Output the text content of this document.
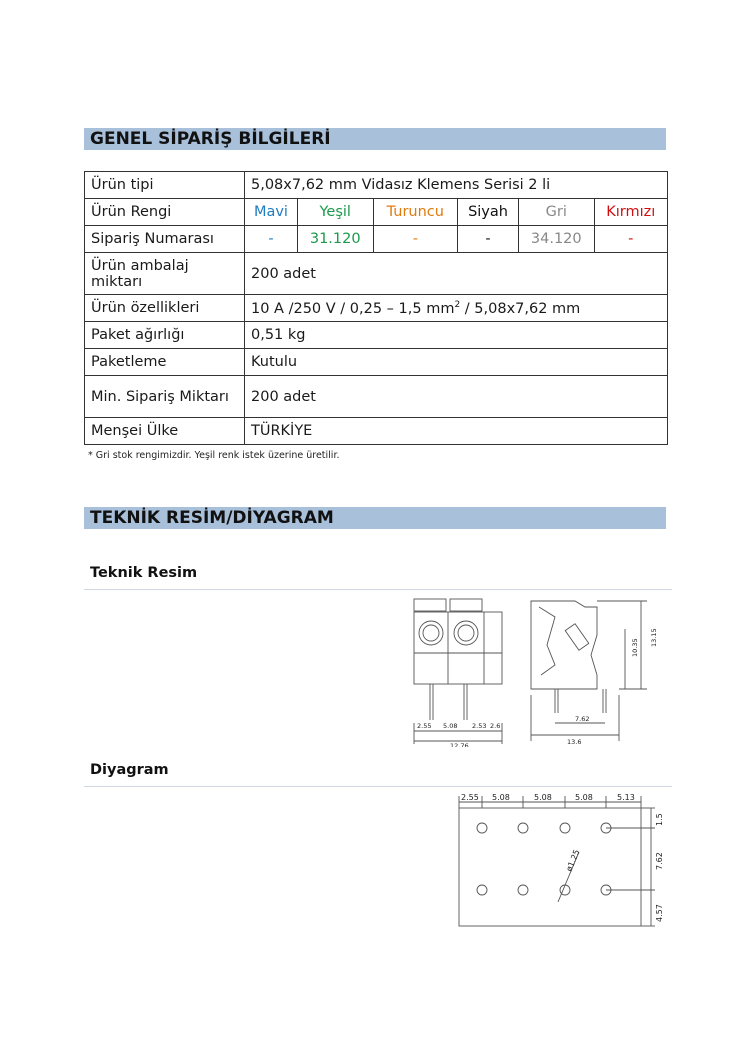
GENEL SİPARİŞ BİLGİLERİ
Ürün tipi	5,08x7,62 mm Vidasız Klemens Serisi 2 li					
Ürün Rengi	Mavi	Yeşil	Turuncu	Siyah	Gri	Kırmızı
Sipariş Numarası	-	31.120	-	-	34.120	-
Ürün ambalaj miktarı	200 adet					
Ürün özellikleri	10 A /250 V / 0,25 – 1,5 $mm^2 / 5,08x7,62$ mm					
Paket ağırlığı	0,51 kg					
Paketleme	Kutulu					
Min. Sipariş Miktarı	200 adet					
Menşei Ülke	TÜRKİYE					
* Gri stok rengimizdir. Yeşil renk istek üzerine üretilir.
TEKNİK RESİM/DİYAGRAM
Teknik Resim
2.55 5.08 2.53 2.6
12.76
7.62
13.6
10.35
13.15
Diyagram
2.55 5.08	5.08	5.08	5.13
1.5
7.62
4.57
ø1.25
